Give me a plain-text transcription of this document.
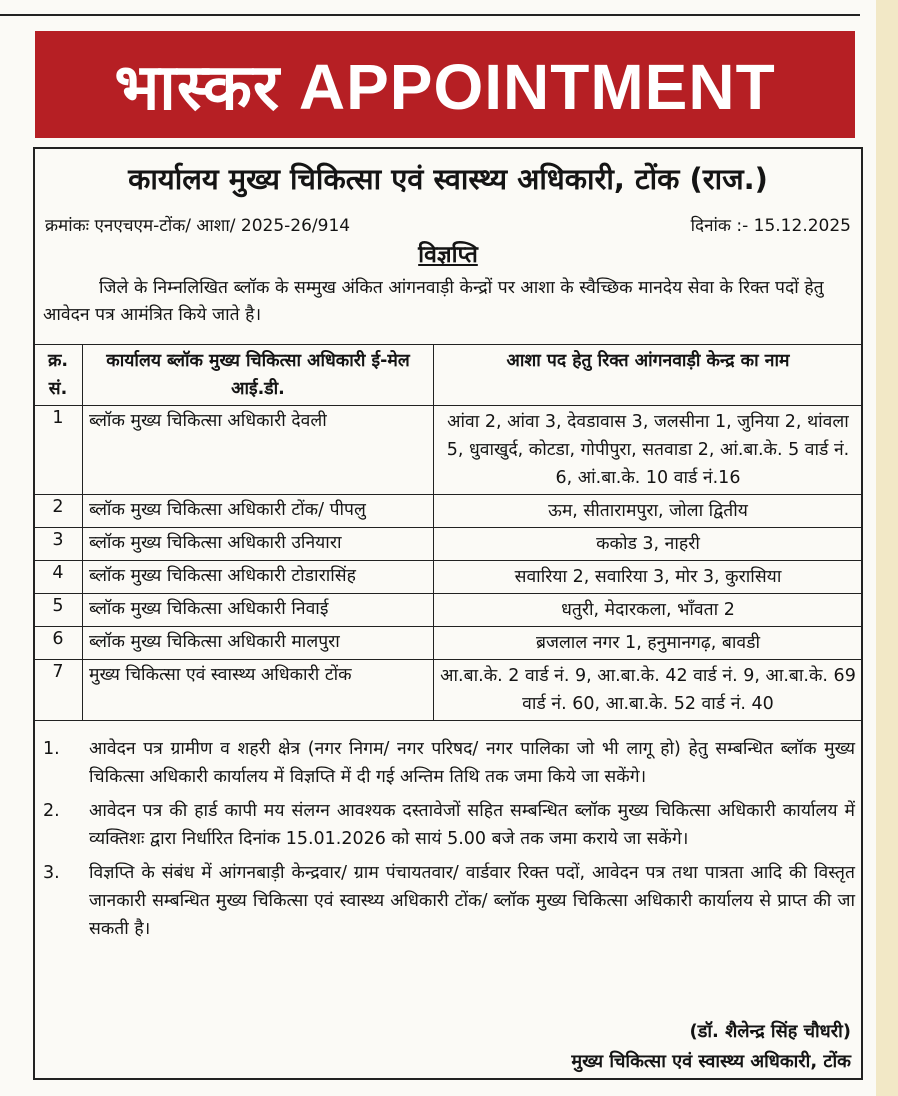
भास्कर APPOINTMENT
कार्यालय मुख्य चिकित्सा एवं स्वास्थ्य अधिकारी, टोंक (राज.)
क्रमांकः एनएचएम-टोंक/ आशा/ 2025-26/914	दिनांक :- 15.12.2025
विज्ञप्ति
जिले के निम्नलिखित ब्लॉक के सम्मुख अंकित आंगनवाड़ी केन्द्रों पर आशा के स्वैच्छिक मानदेय सेवा के रिक्त पदों हेतु आवेदन पत्र आमंत्रित किये जाते है।
क्र. सं.	कार्यालय ब्लॉक मुख्य चिकित्सा अधिकारी ई-मेल आई.डी.	आशा पद हेतु रिक्त आंगनवाड़ी केन्द्र का नाम
1	ब्लॉक मुख्य चिकित्सा अधिकारी देवली	आंवा 2, आंवा 3, देवडावास 3, जलसीना 1, जुनिया 2, थांवला 5, धुवाखुर्द, कोटडा, गोपीपुरा, सतवाडा 2, आं.बा.के. 5 वार्ड नं. 6, आं.बा.के. 10 वार्ड नं.16
2	ब्लॉक मुख्य चिकित्सा अधिकारी टोंक/ पीपलु	ऊम, सीतारामपुरा, जोला द्वितीय
3	ब्लॉक मुख्य चिकित्सा अधिकारी उनियारा	ककोड 3, नाहरी
4	ब्लॉक मुख्य चिकित्सा अधिकारी टोडारासिंह	सवारिया 2, सवारिया 3, मोर 3, कुरासिया
5	ब्लॉक मुख्य चिकित्सा अधिकारी निवाई	धतुरी, मेदारकला, भाँवता 2
6	ब्लॉक मुख्य चिकित्सा अधिकारी मालपुरा	ब्रजलाल नगर 1, हनुमानगढ़, बावडी
7	मुख्य चिकित्सा एवं स्वास्थ्य अधिकारी टोंक	आ.बा.के. 2 वार्ड नं. 9, आ.बा.के. 42 वार्ड नं. 9, आ.बा.के. 69 वार्ड नं. 60, आ.बा.के. 52 वार्ड नं. 40
1.	आवेदन पत्र ग्रामीण व शहरी क्षेत्र (नगर निगम/ नगर परिषद/ नगर पालिका जो भी लागू हो) हेतु सम्बन्धित ब्लॉक मुख्य चिकित्सा अधिकारी कार्यालय में विज्ञप्ति में दी गई अन्तिम तिथि तक जमा किये जा सकेंगे।
2.	आवेदन पत्र की हार्ड कापी मय संलग्न आवश्यक दस्तावेजों सहित सम्बन्धित ब्लॉक मुख्य चिकित्सा अधिकारी कार्यालय में व्यक्तिशः द्वारा निर्धारित दिनांक 15.01.2026 को सायं 5.00 बजे तक जमा कराये जा सकेंगे।
3.	विज्ञप्ति के संबंध में आंगनबाड़ी केन्द्रवार/ ग्राम पंचायतवार/ वार्डवार रिक्त पदों, आवेदन पत्र तथा पात्रता आदि की विस्तृत जानकारी सम्बन्धित मुख्य चिकित्सा एवं स्वास्थ्य अधिकारी टोंक/ ब्लॉक मुख्य चिकित्सा अधिकारी कार्यालय से प्राप्त की जा सकती है।
(डॉ. शैलेन्द्र सिंह चौधरी)
मुख्य चिकित्सा एवं स्वास्थ्य अधिकारी, टोंक
